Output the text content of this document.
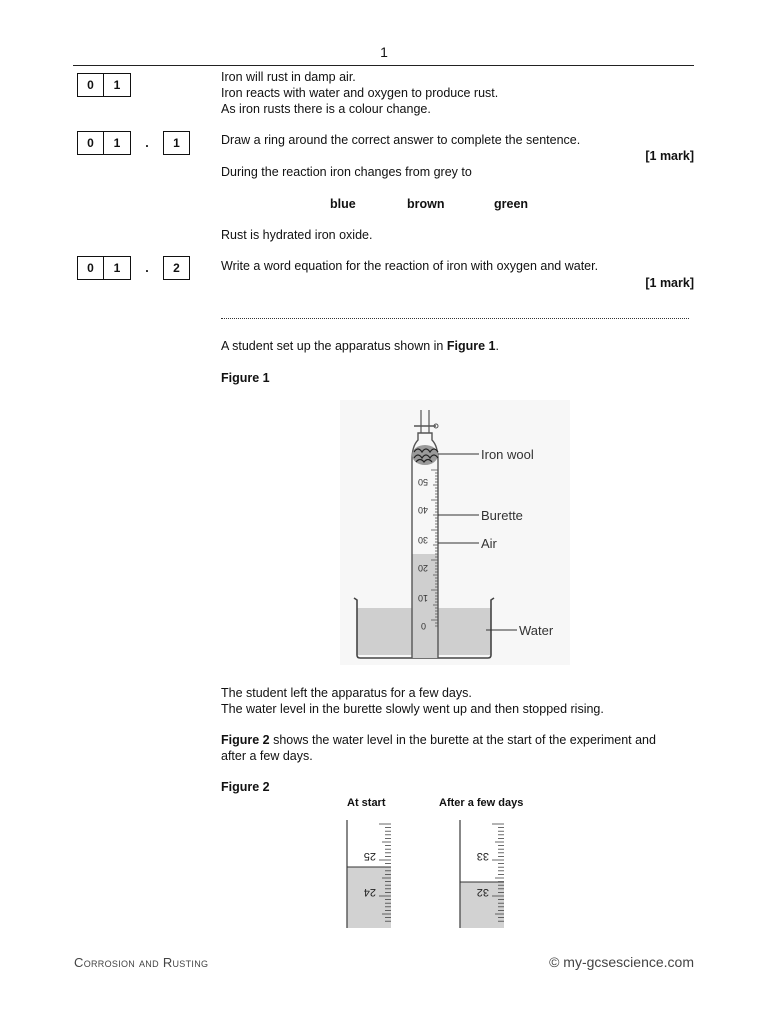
1
0	1
Iron will rust in damp air.
Iron reacts with water and oxygen to produce rust.
As iron rusts there is a colour change.
0	1	.	1	Draw a ring around the correct answer to complete the sentence.
[1 mark]
During the reaction iron changes from grey to
blue	brown	green
Rust is hydrated iron oxide.
0	1	.	2	Write a word equation for the reaction of iron with oxygen and water.
[1 mark]
A student set up the apparatus shown in Figure 1.
Figure 1
50
40
30
20
10
0
Iron wool
Burette
Air
Water
The student left the apparatus for a few days.
The water level in the burette slowly went up and then stopped rising.
Figure 2 shows the water level in the burette at the start of the experiment and
after a few days.
Figure 2
At start	After a few days
25
24
33
32
Corrosion and Rusting	© my-gcsescience.com
